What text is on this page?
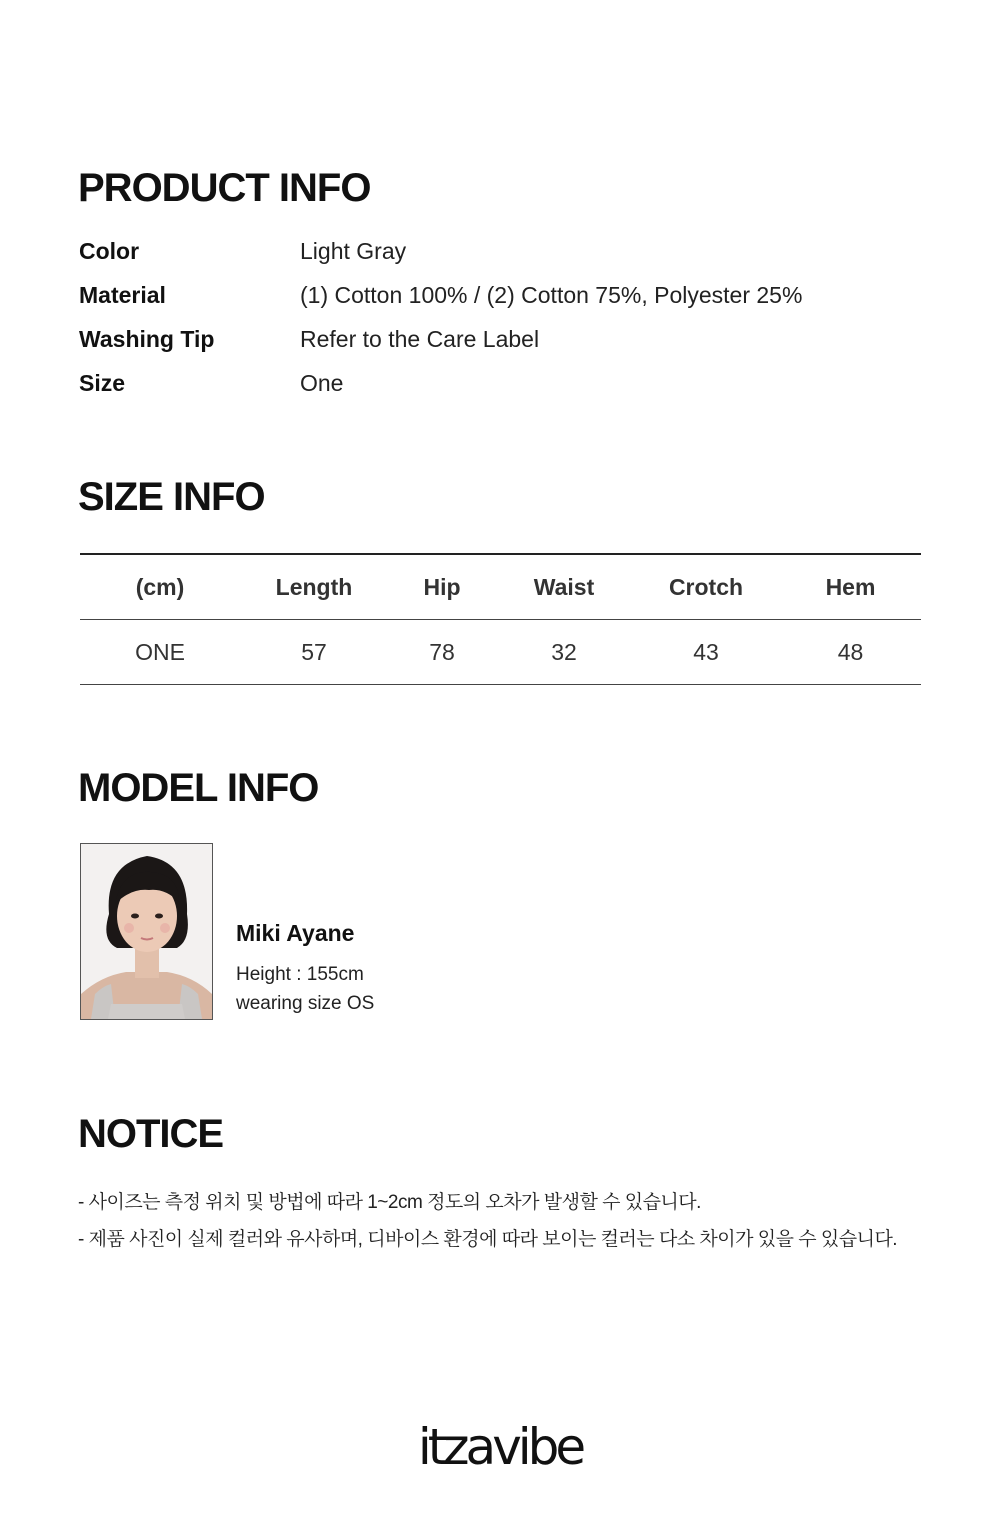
PRODUCT INFO
Color	Light Gray
Material	(1) Cotton 100% / (2) Cotton 75%, Polyester 25%
Washing Tip	Refer to the Care Label
Size	One
SIZE INFO
(cm)	Length	Hip	Waist	Crotch	Hem
ONE	57	78	32	43	48
MODEL INFO
Miki Ayane
Height : 155cm
wearing size OS
NOTICE
- 사이즈는 측정 위치 및 방법에 따라 1~2cm 정도의 오차가 발생할 수 있습니다.
- 제품 사진이 실제 컬러와 유사하며, 디바이스 환경에 따라 보이는 컬러는 다소 차이가 있을 수 있습니다.
itzavibe
